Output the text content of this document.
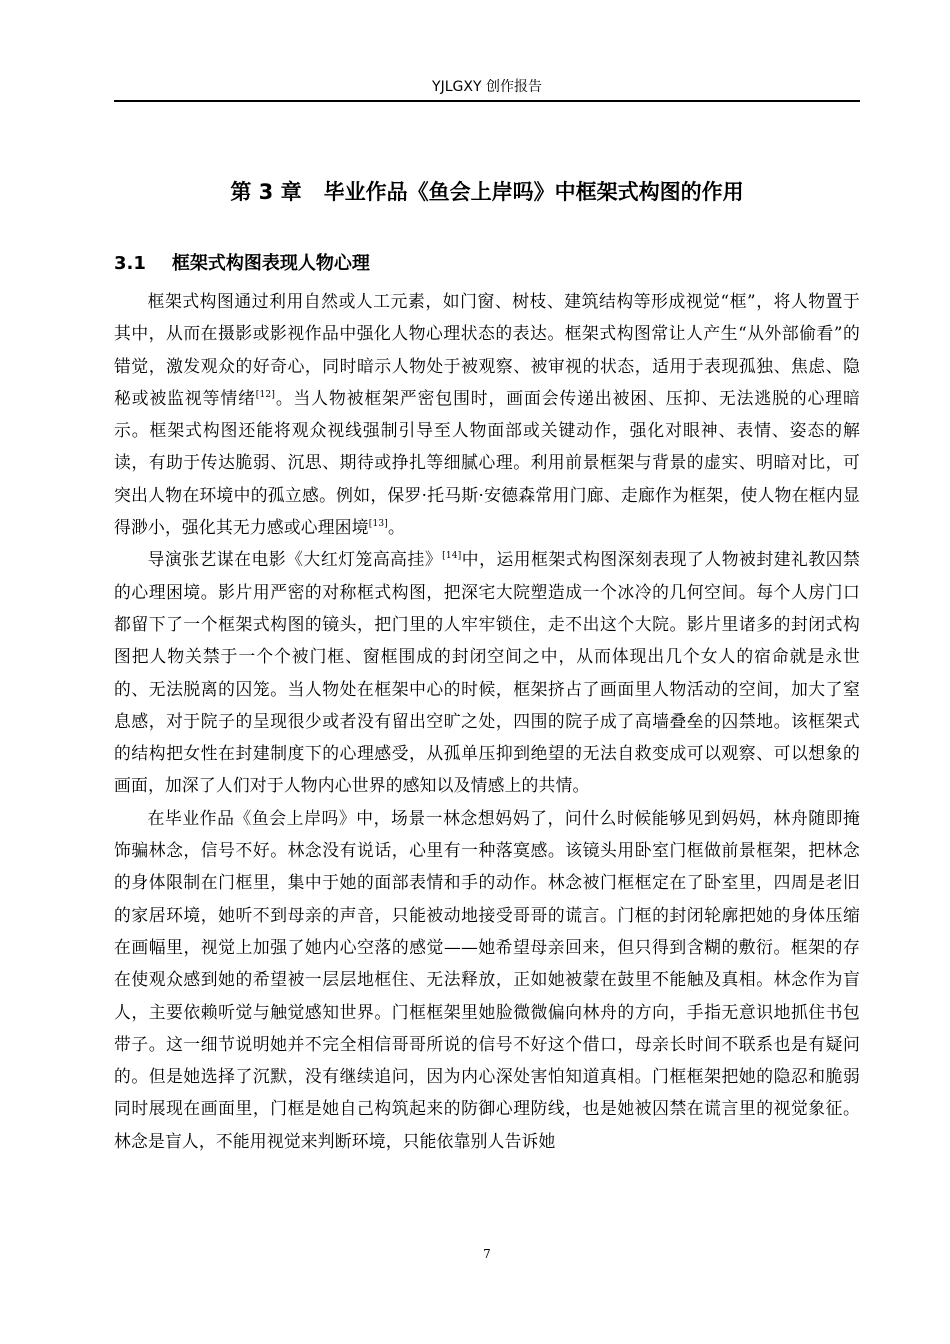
YJLGXY 创作报告
第 3 章 毕业作品《鱼会上岸吗》中框架式构图的作用
3.1 框架式构图表现人物心理

框架式构图通过利用自然或人工元素，如门窗、树枝、建筑结构等形成视觉“框”，将人物置于其中，从而在摄影或影视作品中强化人物心理状态的表达。框架式构图常让人产生“从外部偷看”的错觉，激发观众的好奇心，同时暗示人物处于被观察、被审视的状态，适用于表现孤独、焦虑、隐秘或被监视等情绪[12]。当人物被框架严密包围时，画面会传递出被困、压抑、无法逃脱的心理暗示。框架式构图还能将观众视线强制引导至人物面部或关键动作，强化对眼神、表情、姿态的解读，有助于传达脆弱、沉思、期待或挣扎等细腻心理。利用前景框架与背景的虚实、明暗对比，可突出人物在环境中的孤立感。例如，保罗·托马斯·安德森常用门廊、走廊作为框架，使人物在框内显得渺小，强化其无力感或心理困境[13]。

导演张艺谋在电影《大红灯笼高高挂》[14]中，运用框架式构图深刻表现了人物被封建礼教囚禁的心理困境。影片用严密的对称框式构图，把深宅大院塑造成一个冰冷的几何空间。每个人房门口都留下了一个框架式构图的镜头，把门里的人牢牢锁住，走不出这个大院。影片里诸多的封闭式构图把人物关禁于一个个被门框、窗框围成的封闭空间之中，从而体现出几个女人的宿命就是永世的、无法脱离的囚笼。当人物处在框架中心的时候，框架挤占了画面里人物活动的空间，加大了窒息感，对于院子的呈现很少或者没有留出空旷之处，四围的院子成了高墙叠垒的囚禁地。该框架式的结构把女性在封建制度下的心理感受，从孤单压抑到绝望的无法自救变成可以观察、可以想象的画面，加深了人们对于人物内心世界的感知以及情感上的共情。

在毕业作品《鱼会上岸吗》中，场景一林念想妈妈了，问什么时候能够见到妈妈，林舟随即掩饰骗林念，信号不好。林念没有说话，心里有一种落寞感。该镜头用卧室门框做前景框架，把林念的身体限制在门框里，集中于她的面部表情和手的动作。林念被门框框定在了卧室里，四周是老旧的家居环境，她听不到母亲的声音，只能被动地接受哥哥的谎言。门框的封闭轮廓把她的身体压缩在画幅里，视觉上加强了她内心空落的感觉——她希望母亲回来，但只得到含糊的敷衍。框架的存在使观众感到她的希望被一层层地框住、无法释放，正如她被蒙在鼓里不能触及真相。林念作为盲人，主要依赖听觉与触觉感知世界。门框框架里她脸微微偏向林舟的方向，手指无意识地抓住书包带子。这一细节说明她并不完全相信哥哥所说的信号不好这个借口，母亲长时间不联系也是有疑问的。但是她选择了沉默，没有继续追问，因为内心深处害怕知道真相。门框框架把她的隐忍和脆弱同时展现在画面里，门框是她自己构筑起来的防御心理防线，也是她被囚禁在谎言里的视觉象征。林念是盲人，不能用视觉来判断环境，只能依靠别人告诉她

7
